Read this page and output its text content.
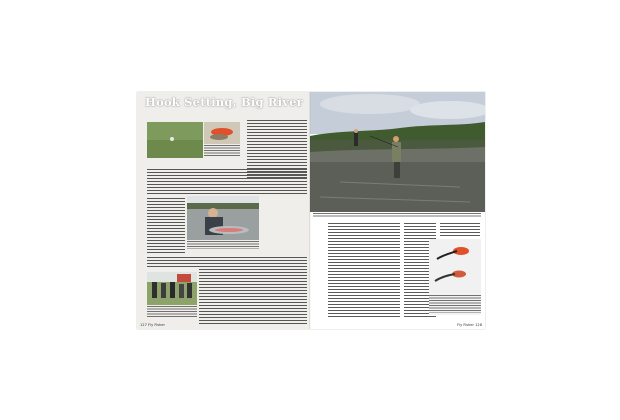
Hook Setting, Big River
127 Fly Fisher	Fly Fisher 128
